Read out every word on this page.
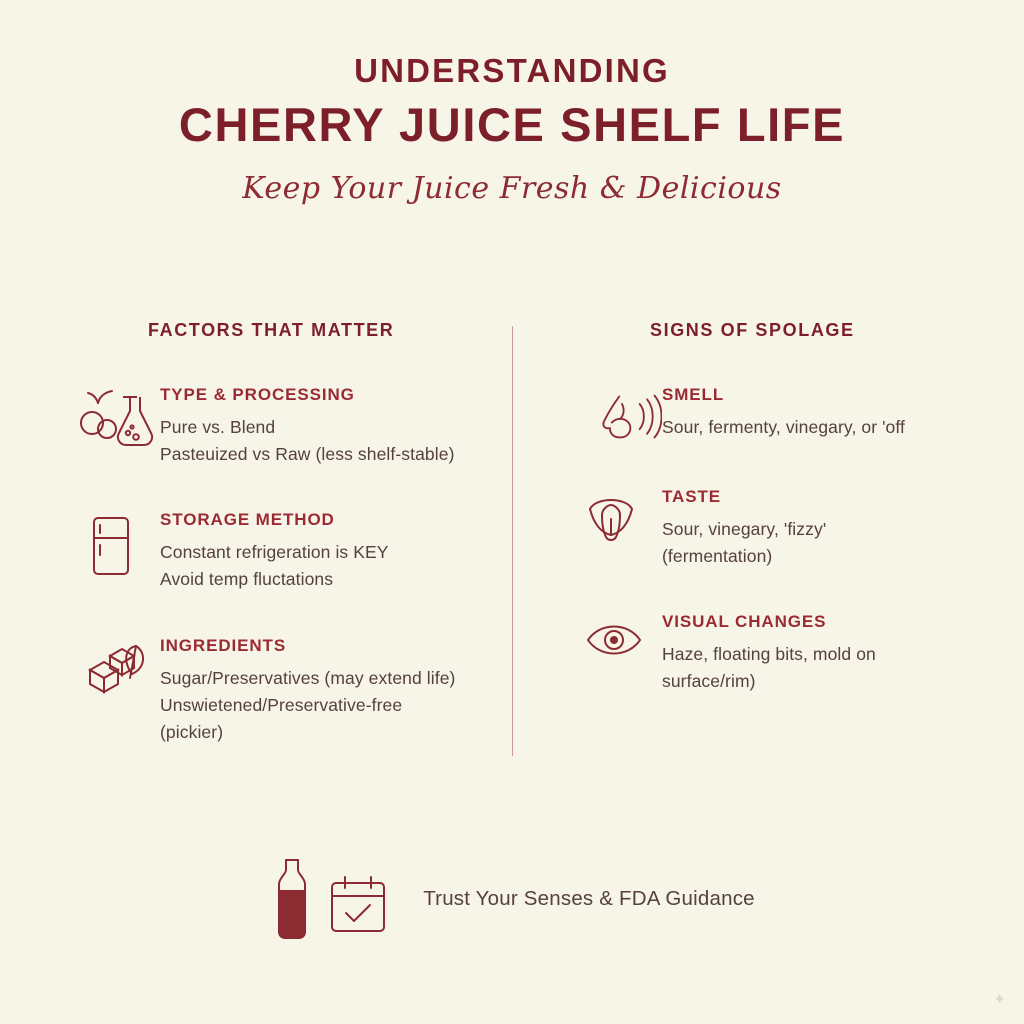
UNDERSTANDING
CHERRY JUICE SHELF LIFE
Keep Your Juice Fresh & Delicious
FACTORS THAT MATTER
TYPE & PROCESSING
Pure vs. Blend
Pasteuized vs Raw (less shelf-stable)
STORAGE METHOD
Constant refrigeration is KEY
Avoid temp fluctations
INGREDIENTS
Sugar/Preservatives (may extend life)
Unswietened/Preservative-free
(pickier)
SIGNS OF SPOLAGE
SMELL
Sour, fermenty, vinegary, or 'off
TASTE
Sour, vinegary, 'fizzy'
(fermentation)
VISUAL CHANGES
Haze, floating bits, mold on
surface/rim)
Trust Your Senses & FDA Guidance
✦
